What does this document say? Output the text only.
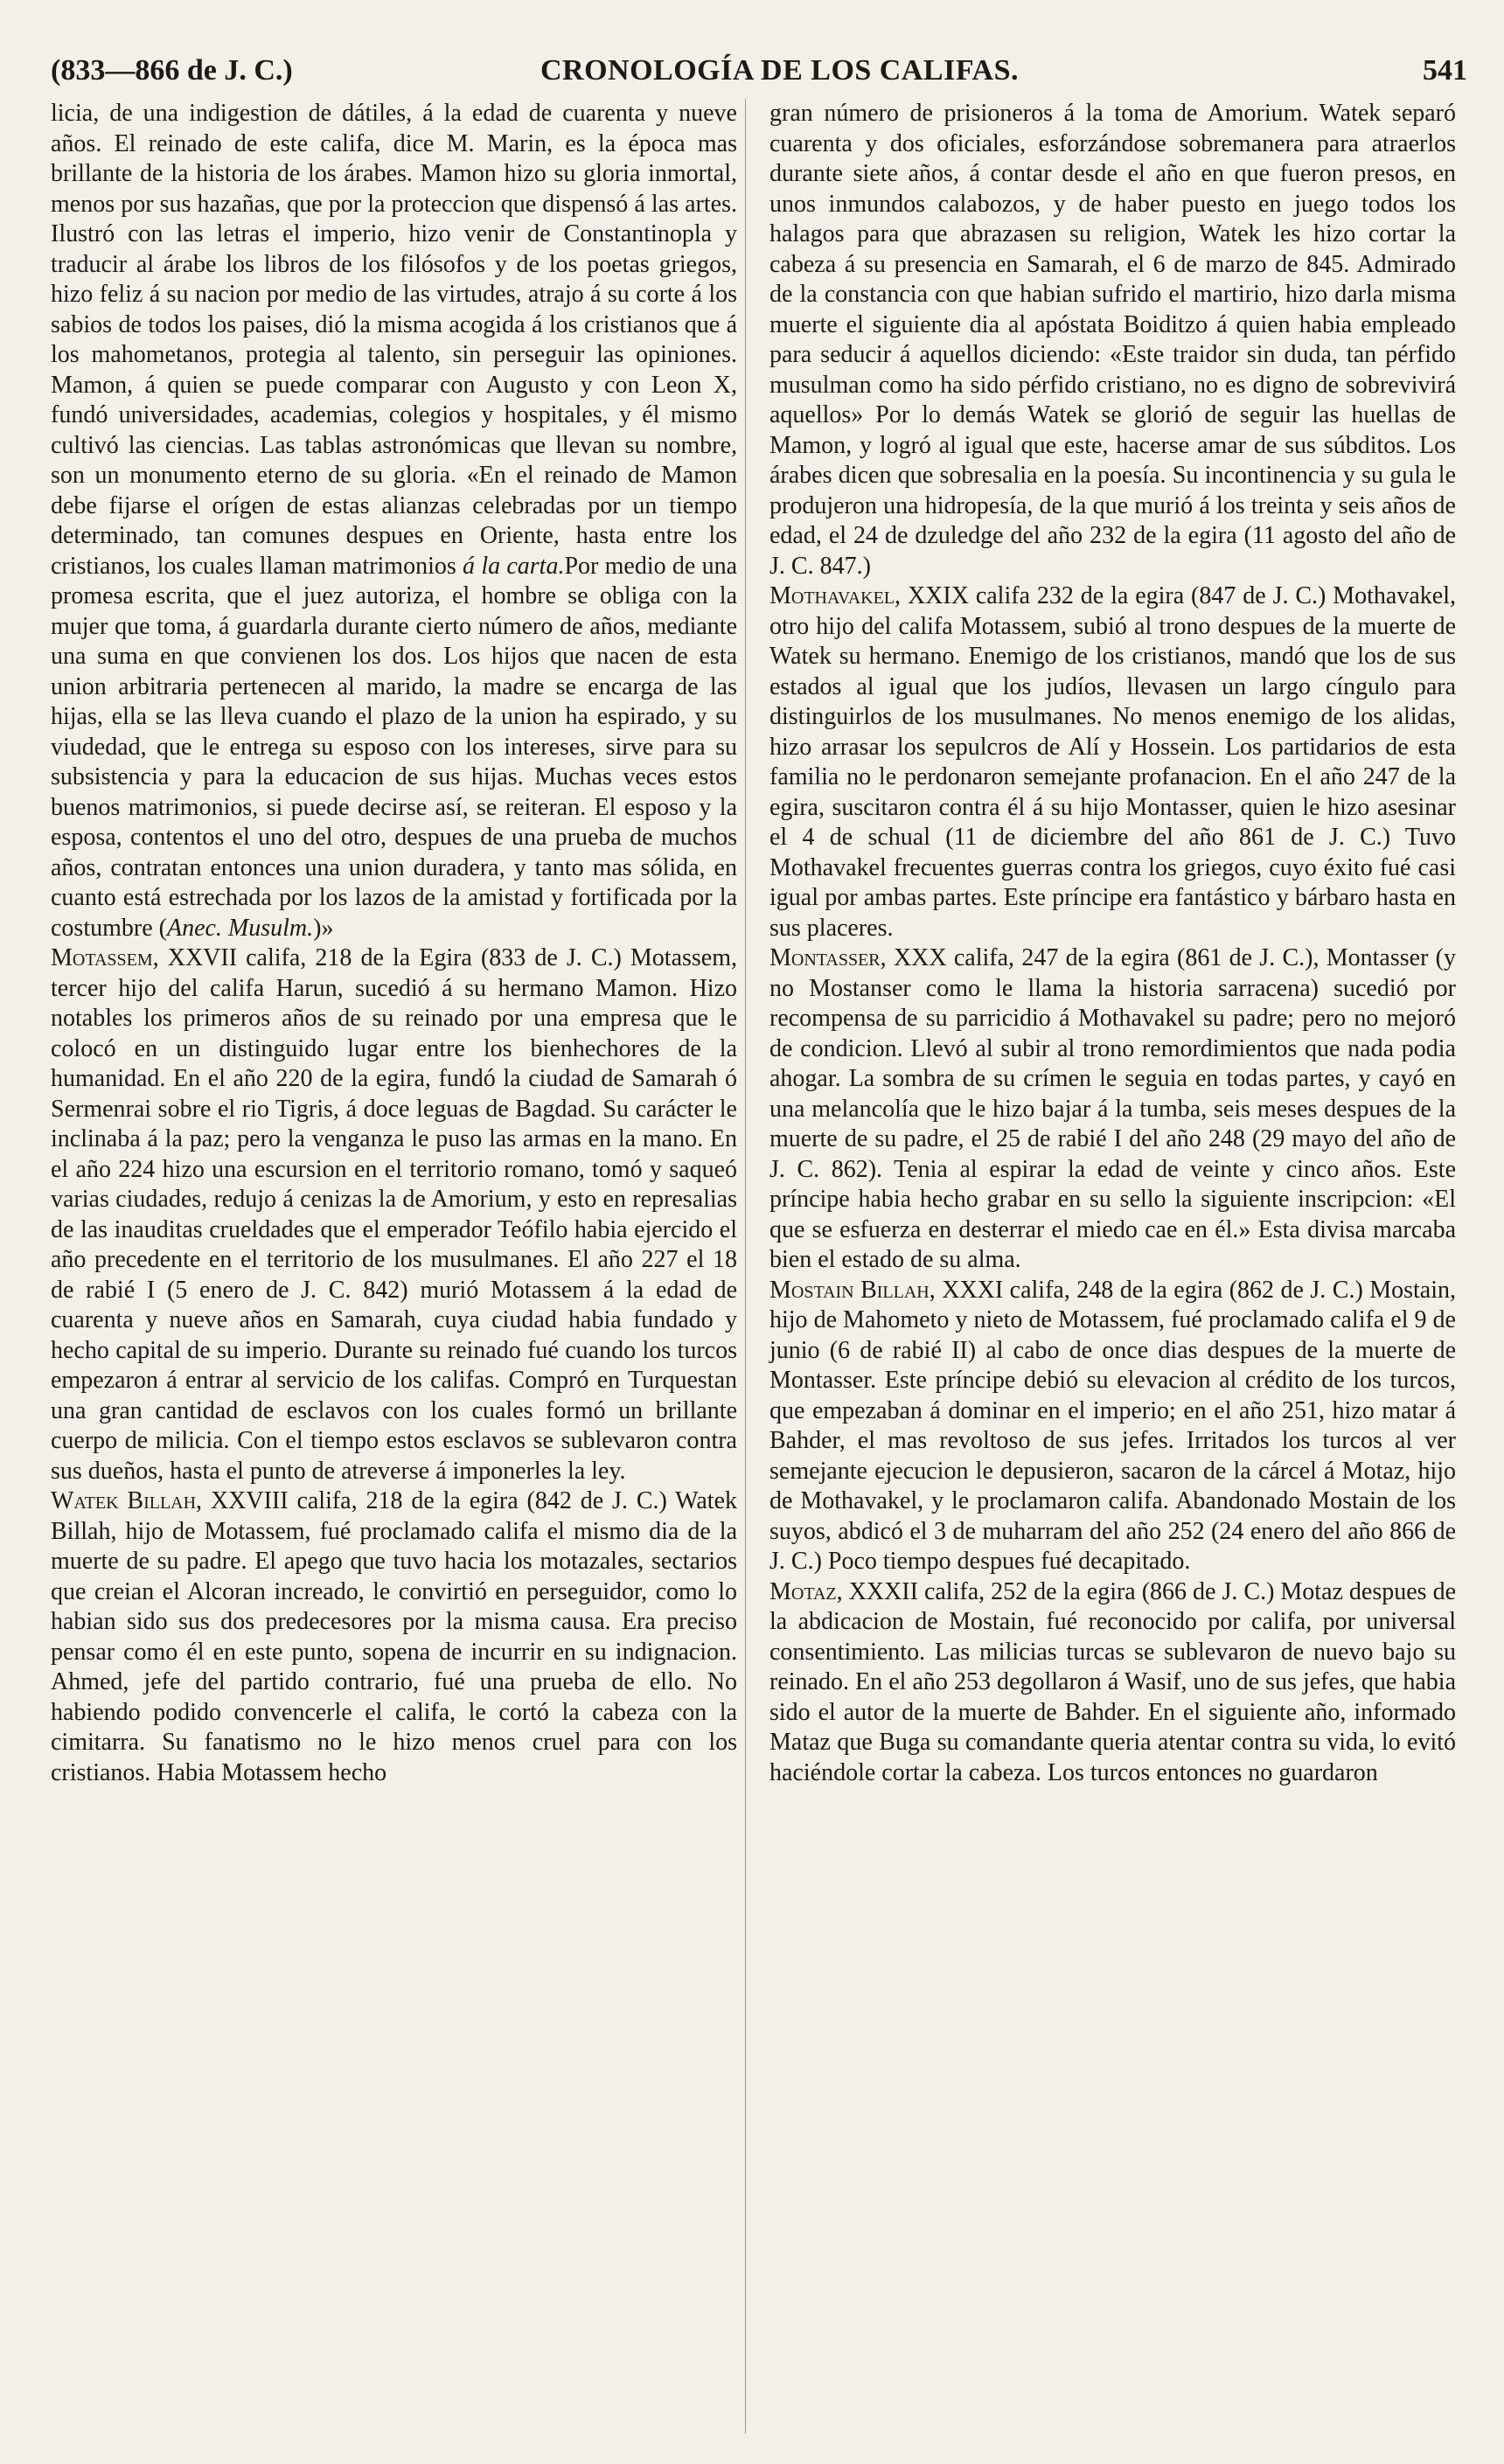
(833—866 de J. C.)	CRONOLOGÍA DE LOS CALIFAS.	541

licia, de una indigestion de dátiles, á la edad de cuarenta y nueve años. El reinado de este califa, dice M. Marin, es la época mas brillante de la historia de los árabes. Mamon hizo su gloria inmortal, menos por sus hazañas, que por la proteccion que dispensó á las artes. Ilustró con las letras el imperio, hizo venir de Constantinopla y traducir al árabe los libros de los filósofos y de los poetas griegos, hizo feliz á su nacion por medio de las virtudes, atrajo á su corte á los sabios de todos los paises, dió la misma acogida á los cristianos que á los mahometanos, protegia al talento, sin perseguir las opiniones. Mamon, á quien se puede comparar con Augusto y con Leon X, fundó universidades, academias, colegios y hospitales, y él mismo cultivó las ciencias. Las tablas astronómicas que llevan su nombre, son un monumento eterno de su gloria. «En el reinado de Mamon debe fijarse el orígen de estas alianzas celebradas por un tiempo determinado, tan comunes despues en Oriente, hasta entre los cristianos, los cuales llaman matrimonios á la carta.Por medio de una promesa escrita, que el juez autoriza, el hombre se obliga con la mujer que toma, á guardarla durante cierto número de años, mediante una suma en que convienen los dos. Los hijos que nacen de esta union arbitraria pertenecen al marido, la madre se encarga de las hijas, ella se las lleva cuando el plazo de la union ha espirado, y su viudedad, que le entrega su esposo con los intereses, sirve para su subsistencia y para la educacion de sus hijas. Muchas veces estos buenos matrimonios, si puede decirse así, se reiteran. El esposo y la esposa, contentos el uno del otro, despues de una prueba de muchos años, contratan entonces una union duradera, y tanto mas sólida, en cuanto está estrechada por los lazos de la amistad y fortificada por la costumbre (Anec. Musulm.)»

Motassem, XXVII califa, 218 de la Egira (833 de J. C.) Motassem, tercer hijo del califa Harun, sucedió á su hermano Mamon. Hizo notables los primeros años de su reinado por una empresa que le colocó en un distinguido lugar entre los bienhechores de la humanidad. En el año 220 de la egira, fundó la ciudad de Samarah ó Sermenrai sobre el rio Tigris, á doce leguas de Bagdad. Su carácter le inclinaba á la paz; pero la venganza le puso las armas en la mano. En el año 224 hizo una escursion en el territorio romano, tomó y saqueó varias ciudades, redujo á cenizas la de Amorium, y esto en represalias de las inauditas crueldades que el emperador Teófilo habia ejercido el año precedente en el territorio de los musulmanes. El año 227 el 18 de rabié I (5 enero de J. C. 842) murió Motassem á la edad de cuarenta y nueve años en Samarah, cuya ciudad habia fundado y hecho capital de su imperio. Durante su reinado fué cuando los turcos empezaron á entrar al servicio de los califas. Compró en Turquestan una gran cantidad de esclavos con los cuales formó un brillante cuerpo de milicia. Con el tiempo estos esclavos se sublevaron contra sus dueños, hasta el punto de atreverse á imponerles la ley.

Watek Billah, XXVIII califa, 218 de la egira (842 de J. C.) Watek Billah, hijo de Motassem, fué proclamado califa el mismo dia de la muerte de su padre. El apego que tuvo hacia los motazales, sectarios que creian el Alcoran increado, le convirtió en perseguidor, como lo habian sido sus dos predecesores por la misma causa. Era preciso pensar como él en este punto, sopena de incurrir en su indignacion. Ahmed, jefe del partido contrario, fué una prueba de ello. No habiendo podido convencerle el califa, le cortó la cabeza con la cimitarra. Su fanatismo no le hizo menos cruel para con los cristianos. Habia Motassem hecho

gran número de prisioneros á la toma de Amorium. Watek separó cuarenta y dos oficiales, esforzándose sobremanera para atraerlos durante siete años, á contar desde el año en que fueron presos, en unos inmundos calabozos, y de haber puesto en juego todos los halagos para que abrazasen su religion, Watek les hizo cortar la cabeza á su presencia en Samarah, el 6 de marzo de 845. Admirado de la constancia con que habian sufrido el martirio, hizo darla misma muerte el siguiente dia al apóstata Boiditzo á quien habia empleado para seducir á aquellos diciendo: «Este traidor sin duda, tan pérfido musulman como ha sido pérfido cristiano, no es digno de sobrevivirá aquellos» Por lo demás Watek se glorió de seguir las huellas de Mamon, y logró al igual que este, hacerse amar de sus súbditos. Los árabes dicen que sobresalia en la poesía. Su incontinencia y su gula le produjeron una hidropesía, de la que murió á los treinta y seis años de edad, el 24 de dzuledge del año 232 de la egira (11 agosto del año de J. C. 847.)

Mothavakel, XXIX califa 232 de la egira (847 de J. C.) Mothavakel, otro hijo del califa Motassem, subió al trono despues de la muerte de Watek su hermano. Enemigo de los cristianos, mandó que los de sus estados al igual que los judíos, llevasen un largo cíngulo para distinguirlos de los musulmanes. No menos enemigo de los alidas, hizo arrasar los sepulcros de Alí y Hossein. Los partidarios de esta familia no le perdonaron semejante profanacion. En el año 247 de la egira, suscitaron contra él á su hijo Montasser, quien le hizo asesinar el 4 de schual (11 de diciembre del año 861 de J. C.) Tuvo Mothavakel frecuentes guerras contra los griegos, cuyo éxito fué casi igual por ambas partes. Este príncipe era fantástico y bárbaro hasta en sus placeres.

Montasser, XXX califa, 247 de la egira (861 de J. C.), Montasser (y no Mostanser como le llama la historia sarracena) sucedió por recompensa de su parricidio á Mothavakel su padre; pero no mejoró de condicion. Llevó al subir al trono remordimientos que nada podia ahogar. La sombra de su crímen le seguia en todas partes, y cayó en una melancolía que le hizo bajar á la tumba, seis meses despues de la muerte de su padre, el 25 de rabié I del año 248 (29 mayo del año de J. C. 862). Tenia al espirar la edad de veinte y cinco años. Este príncipe habia hecho grabar en su sello la siguiente inscripcion: «El que se esfuerza en desterrar el miedo cae en él.» Esta divisa marcaba bien el estado de su alma.

Mostain Billah, XXXI califa, 248 de la egira (862 de J. C.) Mostain, hijo de Mahometo y nieto de Motassem, fué proclamado califa el 9 de junio (6 de rabié II) al cabo de once dias despues de la muerte de Montasser. Este príncipe debió su elevacion al crédito de los turcos, que empezaban á dominar en el imperio; en el año 251, hizo matar á Bahder, el mas revoltoso de sus jefes. Irritados los turcos al ver semejante ejecucion le depusieron, sacaron de la cárcel á Motaz, hijo de Mothavakel, y le proclamaron califa. Abandonado Mostain de los suyos, abdicó el 3 de muharram del año 252 (24 enero del año 866 de J. C.) Poco tiempo despues fué decapitado.

Motaz, XXXII califa, 252 de la egira (866 de J. C.) Motaz despues de la abdicacion de Mostain, fué reconocido por califa, por universal consentimiento. Las milicias turcas se sublevaron de nuevo bajo su reinado. En el año 253 degollaron á Wasif, uno de sus jefes, que habia sido el autor de la muerte de Bahder. En el siguiente año, informado Mataz que Buga su comandante queria atentar contra su vida, lo evitó haciéndole cortar la cabeza. Los turcos entonces no guardaron
